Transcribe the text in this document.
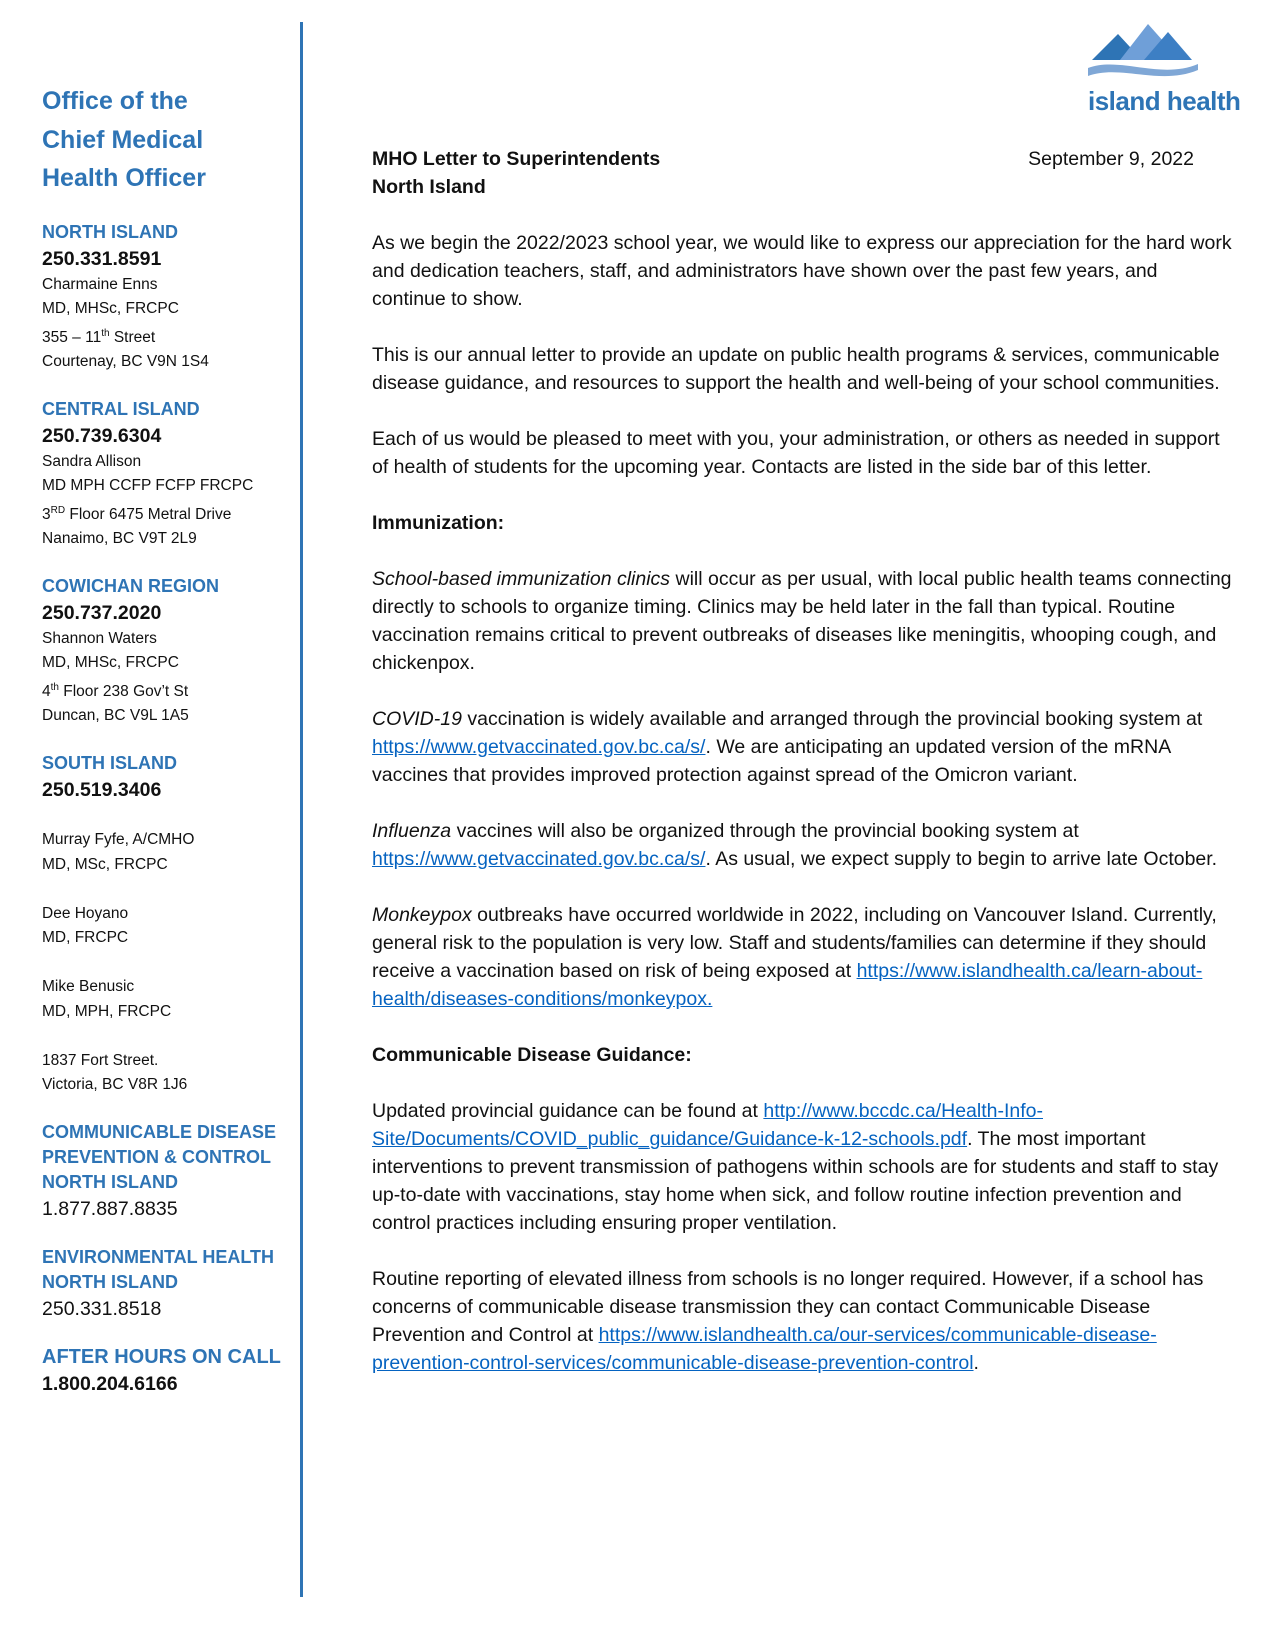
Office of the

Chief Medical

Health Officer

NORTH ISLAND
250.331.8591
Charmaine Enns
MD, MHSc, FRCPC
355 – 11th Street
Courtenay, BC V9N 1S4
CENTRAL ISLAND
250.739.6304
Sandra Allison
MD MPH CCFP FCFP FRCPC
3RD Floor 6475 Metral Drive
Nanaimo, BC V9T 2L9
COWICHAN REGION
250.737.2020
Shannon Waters
MD, MHSc, FRCPC
4th Floor 238 Gov’t St
Duncan, BC V9L 1A5
SOUTH ISLAND
250.519.3406
Murray Fyfe, A/CMHO
MD, MSc, FRCPC
Dee Hoyano
MD, FRCPC
Mike Benusic
MD, MPH, FRCPC
1837 Fort Street.
Victoria, BC V8R 1J6
COMMUNICABLE DISEASE
PREVENTION & CONTROL
NORTH ISLAND
1.877.887.8835
ENVIRONMENTAL HEALTH
NORTH ISLAND
250.331.8518
AFTER HOURS ON CALL
1.800.204.6166
island health
MHO Letter to Superintendents	September 9, 2022

North Island

As we begin the 2022/2023 school year, we would like to express our appreciation for the hard work and dedication teachers, staff, and administrators have shown over the past few years, and continue to show.

This is our annual letter to provide an update on public health programs & services, communicable disease guidance, and resources to support the health and well-being of your school communities.

Each of us would be pleased to meet with you, your administration, or others as needed in support of health of students for the upcoming year. Contacts are listed in the side bar of this letter.

Immunization:

School-based immunization clinics will occur as per usual, with local public health teams connecting directly to schools to organize timing. Clinics may be held later in the fall than typical. Routine vaccination remains critical to prevent outbreaks of diseases like meningitis, whooping cough, and chickenpox.

COVID-19 vaccination is widely available and arranged through the provincial booking system at https://www.getvaccinated.gov.bc.ca/s/. We are anticipating an updated version of the mRNA vaccines that provides improved protection against spread of the Omicron variant.

Influenza vaccines will also be organized through the provincial booking system at https://www.getvaccinated.gov.bc.ca/s/. As usual, we expect supply to begin to arrive late October.

Monkeypox outbreaks have occurred worldwide in 2022, including on Vancouver Island. Currently, general risk to the population is very low. Staff and students/families can determine if they should receive a vaccination based on risk of being exposed at https://www.islandhealth.ca/learn-about-health/diseases-conditions/monkeypox.

Communicable Disease Guidance:

Updated provincial guidance can be found at http://www.bccdc.ca/Health-Info-Site/Documents/COVID_public_guidance/Guidance-k-12-schools.pdf. The most important interventions to prevent transmission of pathogens within schools are for students and staff to stay up-to-date with vaccinations, stay home when sick, and follow routine infection prevention and control practices including ensuring proper ventilation.

Routine reporting of elevated illness from schools is no longer required. However, if a school has concerns of communicable disease transmission they can contact Communicable Disease Prevention and Control at https://www.islandhealth.ca/our-services/communicable-disease-prevention-control-services/communicable-disease-prevention-control.
